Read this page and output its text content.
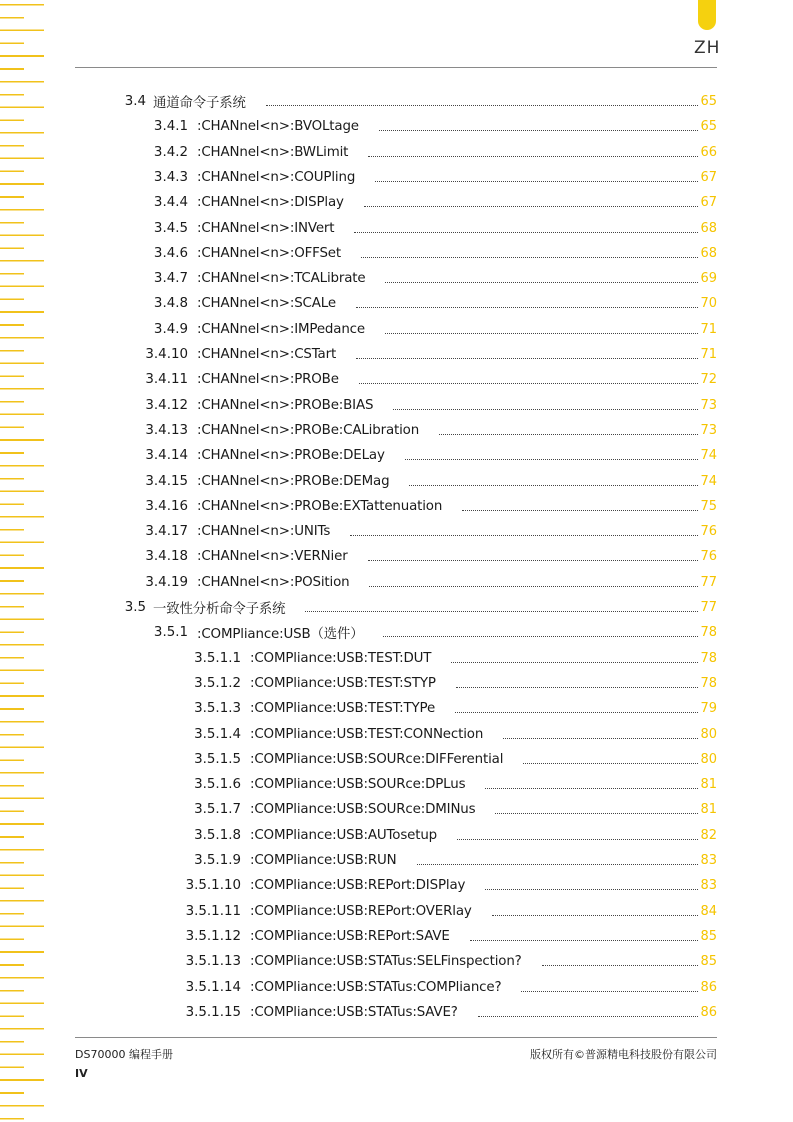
ZH
3.4 通道命令子系统	65
3.4.1 :CHANnel<n>:BVOLtage	65
3.4.2 :CHANnel<n>:BWLimit	66
3.4.3 :CHANnel<n>:COUPling	67
3.4.4 :CHANnel<n>:DISPlay	67
3.4.5 :CHANnel<n>:INVert	68
3.4.6 :CHANnel<n>:OFFSet	68
3.4.7 :CHANnel<n>:TCALibrate	69
3.4.8 :CHANnel<n>:SCALe	70
3.4.9 :CHANnel<n>:IMPedance	71
3.4.10 :CHANnel<n>:CSTart	71
3.4.11 :CHANnel<n>:PROBe	72
3.4.12 :CHANnel<n>:PROBe:BIAS	73
3.4.13 :CHANnel<n>:PROBe:CALibration	73
3.4.14 :CHANnel<n>:PROBe:DELay	74
3.4.15 :CHANnel<n>:PROBe:DEMag	74
3.4.16 :CHANnel<n>:PROBe:EXTattenuation	75
3.4.17 :CHANnel<n>:UNITs	76
3.4.18 :CHANnel<n>:VERNier	76
3.4.19 :CHANnel<n>:POSition	77
3.5 一致性分析命令子系统	77
3.5.1 :COMPliance:USB（选件）	78
3.5.1.1 :COMPliance:USB:TEST:DUT	78
3.5.1.2 :COMPliance:USB:TEST:STYP	78
3.5.1.3 :COMPliance:USB:TEST:TYPe	79
3.5.1.4 :COMPliance:USB:TEST:CONNection	80
3.5.1.5 :COMPliance:USB:SOURce:DIFFerential	80
3.5.1.6 :COMPliance:USB:SOURce:DPLus	81
3.5.1.7 :COMPliance:USB:SOURce:DMINus	81
3.5.1.8 :COMPliance:USB:AUTosetup	82
3.5.1.9 :COMPliance:USB:RUN	83
3.5.1.10 :COMPliance:USB:REPort:DISPlay	83
3.5.1.11 :COMPliance:USB:REPort:OVERlay	84
3.5.1.12 :COMPliance:USB:REPort:SAVE	85
3.5.1.13 :COMPliance:USB:STATus:SELFinspection?	85
3.5.1.14 :COMPliance:USB:STATus:COMPliance?	86
3.5.1.15 :COMPliance:USB:STATus:SAVE?	86
DS70000 编程手册	版权所有©普源精电科技股份有限公司
IV
